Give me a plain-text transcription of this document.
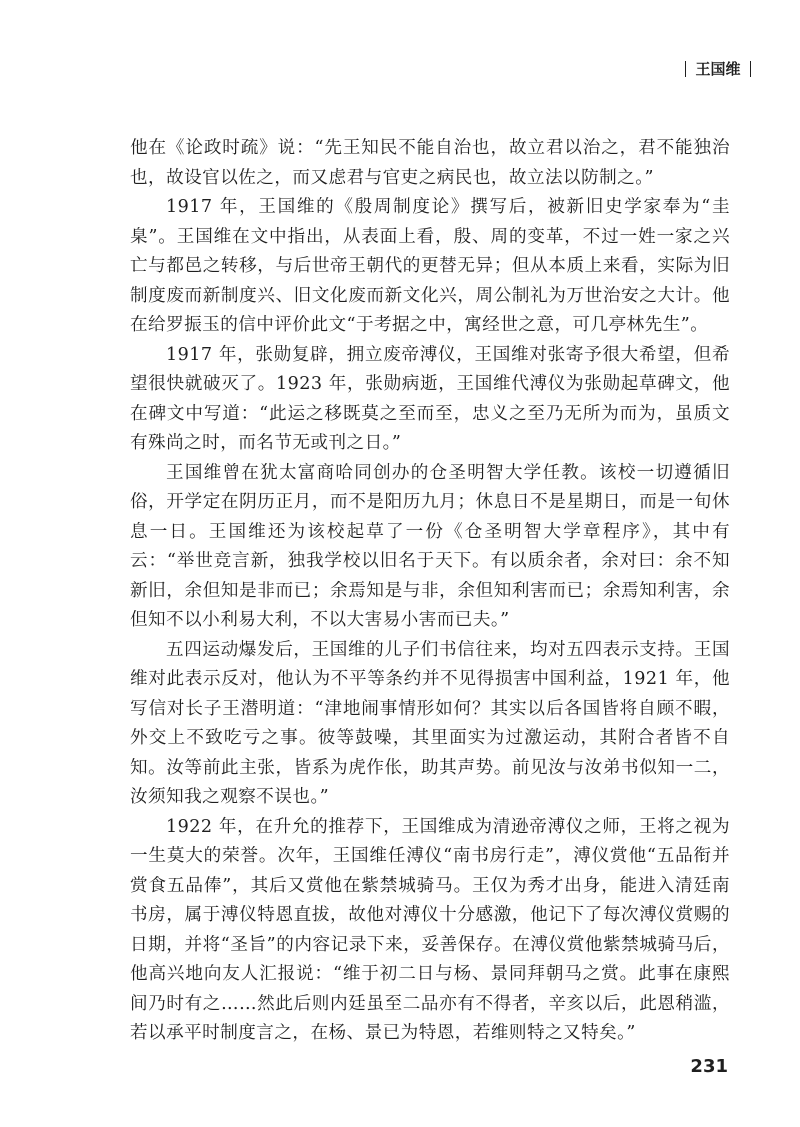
王国维

他在《论政时疏》说：“先王知民不能自治也，故立君以治之，君不能独治也，故设官以佐之，而又虑君与官吏之病民也，故立法以防制之。”

1917 年，王国维的《殷周制度论》撰写后，被新旧史学家奉为“圭臬”。王国维在文中指出，从表面上看，殷、周的变革，不过一姓一家之兴亡与都邑之转移，与后世帝王朝代的更替无异；但从本质上来看，实际为旧制度废而新制度兴、旧文化废而新文化兴，周公制礼为万世治安之大计。他在给罗振玉的信中评价此文“于考据之中，寓经世之意，可几亭林先生”。

1917 年，张勋复辟，拥立废帝溥仪，王国维对张寄予很大希望，但希望很快就破灭了。1923 年，张勋病逝，王国维代溥仪为张勋起草碑文，他在碑文中写道：“此运之移既莫之至而至，忠义之至乃无所为而为，虽质文有殊尚之时，而名节无或刊之日。”

王国维曾在犹太富商哈同创办的仓圣明智大学任教。该校一切遵循旧俗，开学定在阴历正月，而不是阳历九月；休息日不是星期日，而是一旬休息一日。王国维还为该校起草了一份《仓圣明智大学章程序》，其中有云：“举世竞言新，独我学校以旧名于天下。有以质余者，余对曰：余不知新旧，余但知是非而已；余焉知是与非，余但知利害而已；余焉知利害，余但知不以小利易大利，不以大害易小害而已夫。”

五四运动爆发后，王国维的儿子们书信往来，均对五四表示支持。王国维对此表示反对，他认为不平等条约并不见得损害中国利益，1921 年，他写信对长子王潜明道：“津地闹事情形如何？其实以后各国皆将自顾不暇，外交上不致吃亏之事。彼等鼓噪，其里面实为过激运动，其附合者皆不自知。汝等前此主张，皆系为虎作伥，助其声势。前见汝与汝弟书似知一二，汝须知我之观察不误也。”

1922 年，在升允的推荐下，王国维成为清逊帝溥仪之师，王将之视为一生莫大的荣誉。次年，王国维任溥仪“南书房行走”，溥仪赏他“五品衔并赏食五品俸”，其后又赏他在紫禁城骑马。王仅为秀才出身，能进入清廷南书房，属于溥仪特恩直拔，故他对溥仪十分感激，他记下了每次溥仪赏赐的日期，并将“圣旨”的内容记录下来，妥善保存。在溥仪赏他紫禁城骑马后，他高兴地向友人汇报说：“维于初二日与杨、景同拜朝马之赏。此事在康熙间乃时有之……然此后则内廷虽至二品亦有不得者，辛亥以后，此恩稍滥，若以承平时制度言之，在杨、景已为特恩，若维则特之又特矣。”

231
